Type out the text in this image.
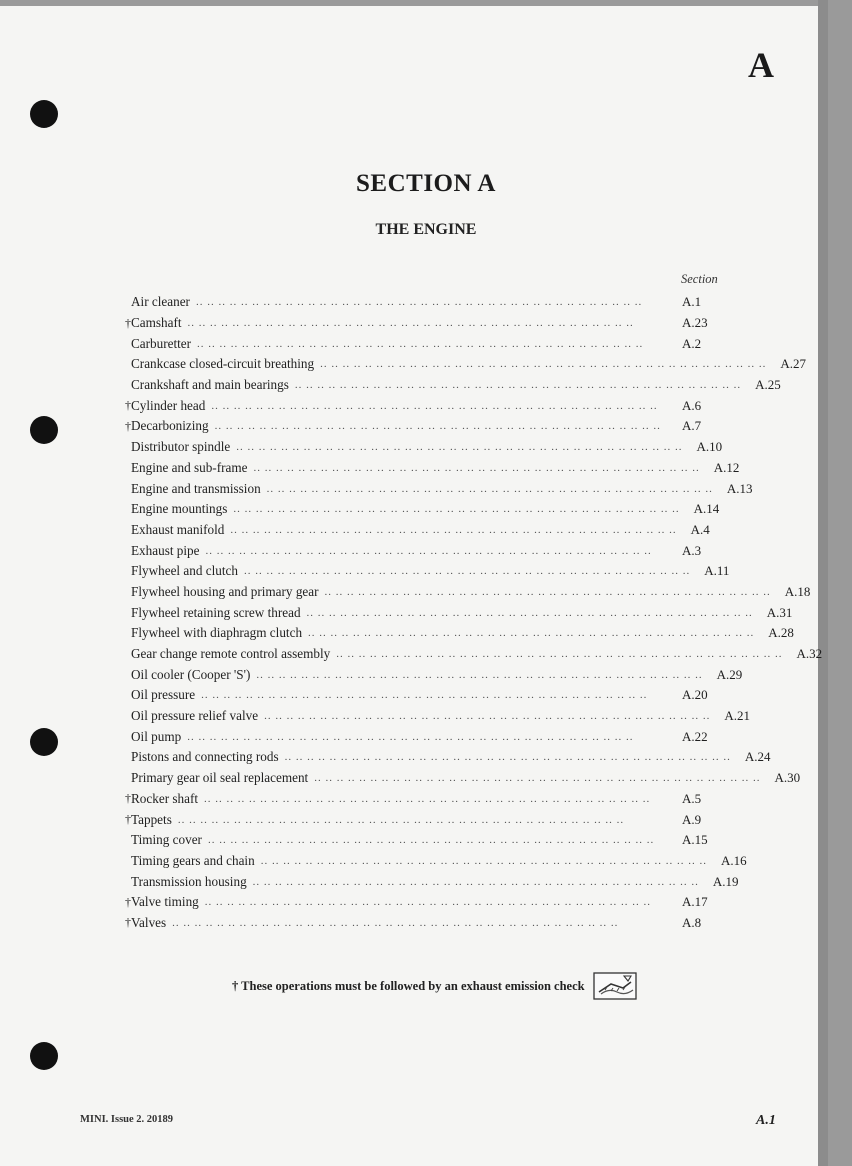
A
SECTION A
THE ENGINE
Section
Air cleaner .. .. .. .. .. .. .. .. .. .. .. .. .. .. .. .. .. .. .. .. .. .. .. .. .. .. .. .. .. .. .. .. .. .. .. .. .. .. .. ..	A.1
† Camshaft .. .. .. .. .. .. .. .. .. .. .. .. .. .. .. .. .. .. .. .. .. .. .. .. .. .. .. .. .. .. .. .. .. .. .. .. .. .. .. ..	A.23
Carburetter .. .. .. .. .. .. .. .. .. .. .. .. .. .. .. .. .. .. .. .. .. .. .. .. .. .. .. .. .. .. .. .. .. .. .. .. .. .. .. ..	A.2
Crankcase closed-circuit breathing .. .. .. .. .. .. .. .. .. .. .. .. .. .. .. .. .. .. .. .. .. .. .. .. .. .. .. .. .. .. .. .. .. .. .. .. .. .. .. .. A.27
Crankshaft and main bearings .. .. .. .. .. .. .. .. .. .. .. .. .. .. .. .. .. .. .. .. .. .. .. .. .. .. .. .. .. .. .. .. .. .. .. .. .. .. .. .. A.25
† Cylinder head .. .. .. .. .. .. .. .. .. .. .. .. .. .. .. .. .. .. .. .. .. .. .. .. .. .. .. .. .. .. .. .. .. .. .. .. .. .. .. ..	A.6
† Decarbonizing .. .. .. .. .. .. .. .. .. .. .. .. .. .. .. .. .. .. .. .. .. .. .. .. .. .. .. .. .. .. .. .. .. .. .. .. .. .. .. ..	A.7
Distributor spindle .. .. .. .. .. .. .. .. .. .. .. .. .. .. .. .. .. .. .. .. .. .. .. .. .. .. .. .. .. .. .. .. .. .. .. .. .. .. .. .. A.10
Engine and sub-frame .. .. .. .. .. .. .. .. .. .. .. .. .. .. .. .. .. .. .. .. .. .. .. .. .. .. .. .. .. .. .. .. .. .. .. .. .. .. .. .. A.12
Engine and transmission .. .. .. .. .. .. .. .. .. .. .. .. .. .. .. .. .. .. .. .. .. .. .. .. .. .. .. .. .. .. .. .. .. .. .. .. .. .. .. .. A.13
Engine mountings .. .. .. .. .. .. .. .. .. .. .. .. .. .. .. .. .. .. .. .. .. .. .. .. .. .. .. .. .. .. .. .. .. .. .. .. .. .. .. .. A.14
Exhaust manifold .. .. .. .. .. .. .. .. .. .. .. .. .. .. .. .. .. .. .. .. .. .. .. .. .. .. .. .. .. .. .. .. .. .. .. .. .. .. .. .. A.4
Exhaust pipe .. .. .. .. .. .. .. .. .. .. .. .. .. .. .. .. .. .. .. .. .. .. .. .. .. .. .. .. .. .. .. .. .. .. .. .. .. .. .. ..	A.3
Flywheel and clutch .. .. .. .. .. .. .. .. .. .. .. .. .. .. .. .. .. .. .. .. .. .. .. .. .. .. .. .. .. .. .. .. .. .. .. .. .. .. .. .. A.11
Flywheel housing and primary gear .. .. .. .. .. .. .. .. .. .. .. .. .. .. .. .. .. .. .. .. .. .. .. .. .. .. .. .. .. .. .. .. .. .. .. .. .. .. .. .. A.18
Flywheel retaining screw thread .. .. .. .. .. .. .. .. .. .. .. .. .. .. .. .. .. .. .. .. .. .. .. .. .. .. .. .. .. .. .. .. .. .. .. .. .. .. .. .. A.31
Flywheel with diaphragm clutch .. .. .. .. .. .. .. .. .. .. .. .. .. .. .. .. .. .. .. .. .. .. .. .. .. .. .. .. .. .. .. .. .. .. .. .. .. .. .. .. A.28
Gear change remote control assembly .. .. .. .. .. .. .. .. .. .. .. .. .. .. .. .. .. .. .. .. .. .. .. .. .. .. .. .. .. .. .. .. .. .. .. .. .. .. .. .. A.32
Oil cooler (Cooper 'S') .. .. .. .. .. .. .. .. .. .. .. .. .. .. .. .. .. .. .. .. .. .. .. .. .. .. .. .. .. .. .. .. .. .. .. .. .. .. .. .. A.29
Oil pressure .. .. .. .. .. .. .. .. .. .. .. .. .. .. .. .. .. .. .. .. .. .. .. .. .. .. .. .. .. .. .. .. .. .. .. .. .. .. .. ..	A.20
Oil pressure relief valve .. .. .. .. .. .. .. .. .. .. .. .. .. .. .. .. .. .. .. .. .. .. .. .. .. .. .. .. .. .. .. .. .. .. .. .. .. .. .. .. A.21
Oil pump .. .. .. .. .. .. .. .. .. .. .. .. .. .. .. .. .. .. .. .. .. .. .. .. .. .. .. .. .. .. .. .. .. .. .. .. .. .. .. ..	A.22
Pistons and connecting rods .. .. .. .. .. .. .. .. .. .. .. .. .. .. .. .. .. .. .. .. .. .. .. .. .. .. .. .. .. .. .. .. .. .. .. .. .. .. .. .. A.24
Primary gear oil seal replacement .. .. .. .. .. .. .. .. .. .. .. .. .. .. .. .. .. .. .. .. .. .. .. .. .. .. .. .. .. .. .. .. .. .. .. .. .. .. .. .. A.30
† Rocker shaft .. .. .. .. .. .. .. .. .. .. .. .. .. .. .. .. .. .. .. .. .. .. .. .. .. .. .. .. .. .. .. .. .. .. .. .. .. .. .. ..	A.5
† Tappets .. .. .. .. .. .. .. .. .. .. .. .. .. .. .. .. .. .. .. .. .. .. .. .. .. .. .. .. .. .. .. .. .. .. .. .. .. .. .. ..	A.9
Timing cover .. .. .. .. .. .. .. .. .. .. .. .. .. .. .. .. .. .. .. .. .. .. .. .. .. .. .. .. .. .. .. .. .. .. .. .. .. .. .. ..	A.15
Timing gears and chain .. .. .. .. .. .. .. .. .. .. .. .. .. .. .. .. .. .. .. .. .. .. .. .. .. .. .. .. .. .. .. .. .. .. .. .. .. .. .. .. A.16
Transmission housing .. .. .. .. .. .. .. .. .. .. .. .. .. .. .. .. .. .. .. .. .. .. .. .. .. .. .. .. .. .. .. .. .. .. .. .. .. .. .. .. A.19
† Valve timing .. .. .. .. .. .. .. .. .. .. .. .. .. .. .. .. .. .. .. .. .. .. .. .. .. .. .. .. .. .. .. .. .. .. .. .. .. .. .. ..	A.17
† Valves .. .. .. .. .. .. .. .. .. .. .. .. .. .. .. .. .. .. .. .. .. .. .. .. .. .. .. .. .. .. .. .. .. .. .. .. .. .. .. ..	A.8
† These operations must be followed by an exhaust emission check
MINI. Issue 2. 20189	A.1
